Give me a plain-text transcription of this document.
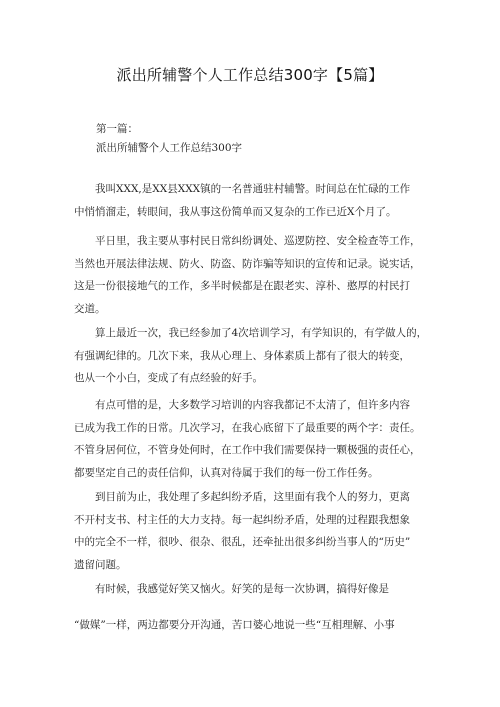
派出所辅警个人工作总结300字【5篇】
第一篇：
派出所辅警个人工作总结300字
我叫XXX,是XX县XXX镇的一名普通驻村辅警。时间总在忙碌的工作
中悄悄溜走，转眼间，我从事这份简单而又复杂的工作已近X个月了。
平日里，我主要从事村民日常纠纷调处、巡逻防控、安全检查等工作，
当然也开展法律法规、防火、防盗、防诈骗等知识的宣传和记录。说实话，
这是一份很接地气的工作，多半时候都是在跟老实、淳朴、憨厚的村民打
交道。
算上最近一次，我已经参加了4次培训学习，有学知识的，有学做人的，
有强调纪律的。几次下来，我从心理上、身体素质上都有了很大的转变，
也从一个小白，变成了有点经验的好手。
有点可惜的是，大多数学习培训的内容我都记不太清了，但许多内容
已成为我工作的日常。几次学习，在我心底留下了最重要的两个字：责任。
不管身居何位，不管身处何时，在工作中我们需要保持一颗极强的责任心，
都要坚定自己的责任信仰，认真对待属于我们的每一份工作任务。
到目前为止，我处理了多起纠纷矛盾，这里面有我个人的努力，更离
不开村支书、村主任的大力支持。每一起纠纷矛盾，处理的过程跟我想象
中的完全不一样，很吵、很杂、很乱，还牵扯出很多纠纷当事人的“历史”
遗留问题。
有时候，我感觉好笑又恼火。好笑的是每一次协调，搞得好像是
“做媒”一样，两边都要分开沟通，苦口婆心地说一些“互相理解、小事
